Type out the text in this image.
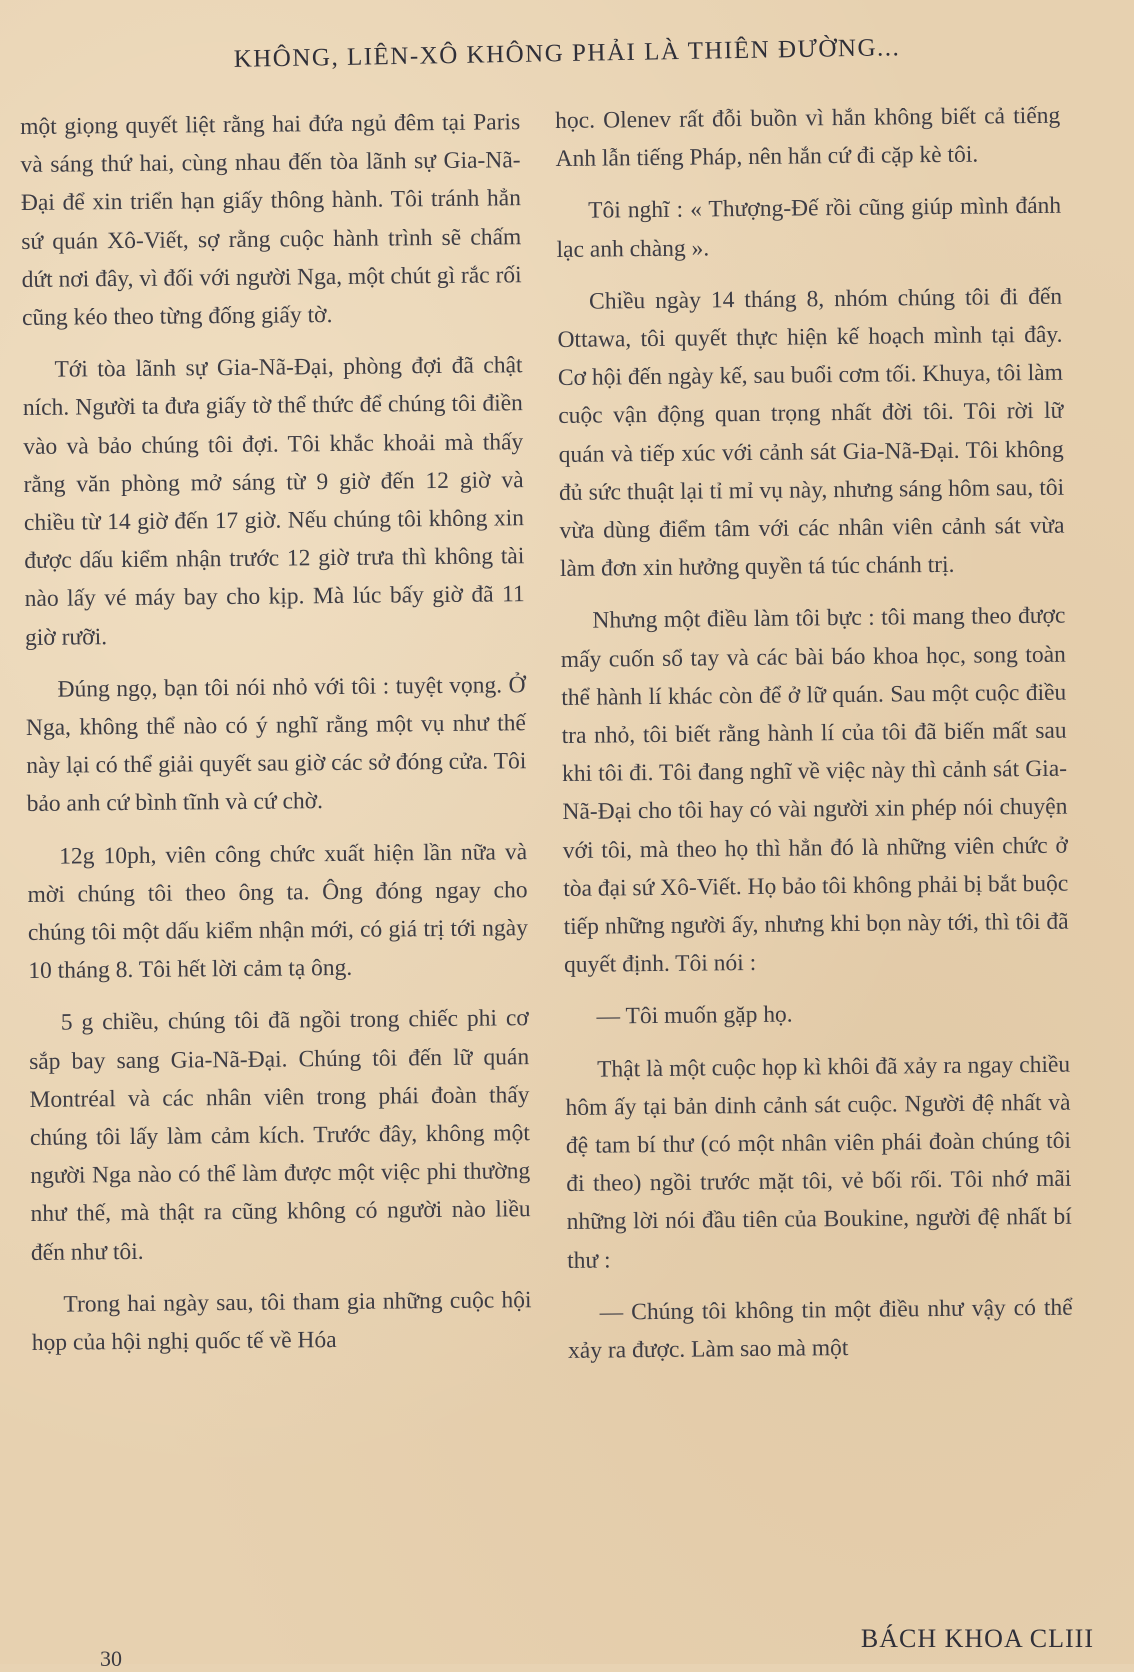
KHÔNG, LIÊN-XÔ KHÔNG PHẢI LÀ THIÊN ĐƯỜNG...

một giọng quyết liệt rằng hai đứa ngủ đêm tại Paris và sáng thứ hai, cùng nhau đến tòa lãnh sự Gia-Nã-Đại để xin triển hạn giấy thông hành. Tôi tránh hẳn sứ quán Xô-Viết, sợ rằng cuộc hành trình sẽ chấm dứt nơi đây, vì đối với người Nga, một chút gì rắc rối cũng kéo theo từng đống giấy tờ.

Tới tòa lãnh sự Gia-Nã-Đại, phòng đợi đã chật ních. Người ta đưa giấy tờ thể thức để chúng tôi điền vào và bảo chúng tôi đợi. Tôi khắc khoải mà thấy rằng văn phòng mở sáng từ 9 giờ đến 12 giờ và chiều từ 14 giờ đến 17 giờ. Nếu chúng tôi không xin được dấu kiểm nhận trước 12 giờ trưa thì không tài nào lấy vé máy bay cho kịp. Mà lúc bấy giờ đã 11 giờ rưỡi.

Đúng ngọ, bạn tôi nói nhỏ với tôi : tuyệt vọng. Ở Nga, không thể nào có ý nghĩ rằng một vụ như thế này lại có thể giải quyết sau giờ các sở đóng cửa. Tôi bảo anh cứ bình tĩnh và cứ chờ.

12g 10ph, viên công chức xuất hiện lần nữa và mời chúng tôi theo ông ta. Ông đóng ngay cho chúng tôi một dấu kiểm nhận mới, có giá trị tới ngày 10 tháng 8. Tôi hết lời cảm tạ ông.

5 g chiều, chúng tôi đã ngồi trong chiếc phi cơ sắp bay sang Gia-Nã-Đại. Chúng tôi đến lữ quán Montréal và các nhân viên trong phái đoàn thấy chúng tôi lấy làm cảm kích. Trước đây, không một người Nga nào có thể làm được một việc phi thường như thế, mà thật ra cũng không có người nào liều đến như tôi.

Trong hai ngày sau, tôi tham gia những cuộc hội họp của hội nghị quốc tế về Hóa

học. Olenev rất đỗi buồn vì hắn không biết cả tiếng Anh lẫn tiếng Pháp, nên hắn cứ đi cặp kè tôi.

Tôi nghĩ : « Thượng-Đế rồi cũng giúp mình đánh lạc anh chàng ».

Chiều ngày 14 tháng 8, nhóm chúng tôi đi đến Ottawa, tôi quyết thực hiện kế hoạch mình tại đây. Cơ hội đến ngày kế, sau buổi cơm tối. Khuya, tôi làm cuộc vận động quan trọng nhất đời tôi. Tôi rời lữ quán và tiếp xúc với cảnh sát Gia-Nã-Đại. Tôi không đủ sức thuật lại tỉ mỉ vụ này, nhưng sáng hôm sau, tôi vừa dùng điểm tâm với các nhân viên cảnh sát vừa làm đơn xin hưởng quyền tá túc chánh trị.

Nhưng một điều làm tôi bực : tôi mang theo được mấy cuốn sổ tay và các bài báo khoa học, song toàn thể hành lí khác còn để ở lữ quán. Sau một cuộc điều tra nhỏ, tôi biết rằng hành lí của tôi đã biến mất sau khi tôi đi. Tôi đang nghĩ về việc này thì cảnh sát Gia-Nã-Đại cho tôi hay có vài người xin phép nói chuyện với tôi, mà theo họ thì hẳn đó là những viên chức ở tòa đại sứ Xô-Viết. Họ bảo tôi không phải bị bắt buộc tiếp những người ấy, nhưng khi bọn này tới, thì tôi đã quyết định. Tôi nói :

— Tôi muốn gặp họ.

Thật là một cuộc họp kì khôi đã xảy ra ngay chiều hôm ấy tại bản dinh cảnh sát cuộc. Người đệ nhất và đệ tam bí thư (có một nhân viên phái đoàn chúng tôi đi theo) ngồi trước mặt tôi, vẻ bối rối. Tôi nhớ mãi những lời nói đầu tiên của Boukine, người đệ nhất bí thư :

— Chúng tôi không tin một điều như vậy có thể xảy ra được. Làm sao mà một

30
BÁCH KHOA CLIII
